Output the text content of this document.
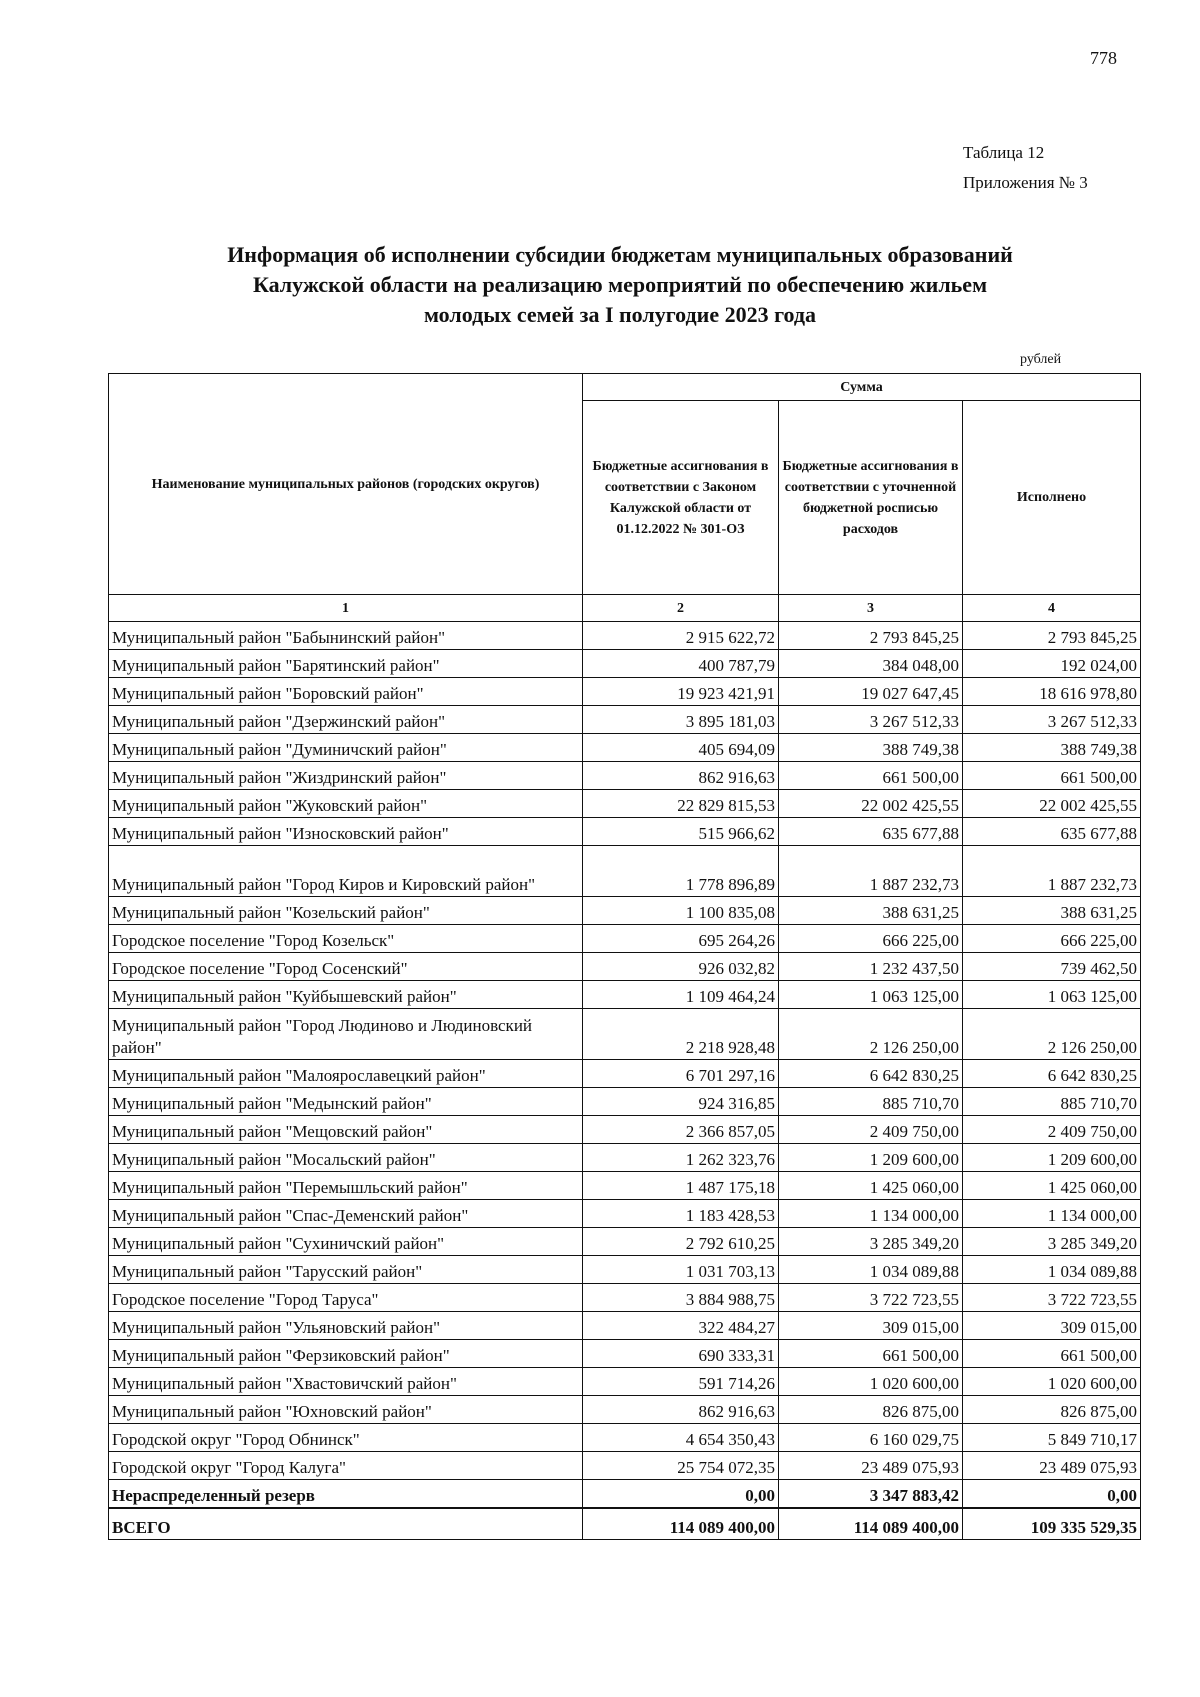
778
Таблица 12
Приложения № 3
Информация об исполнении субсидии бюджетам муниципальных образований
Калужской области на реализацию мероприятий по обеспечению жильем
молодых семей за I полугодие 2023 года
рублей
Наименование муниципальных районов (городских округов)	Сумма		
	Бюджетные ассигнования в соответствии с Законом Калужской области от 01.12.2022 № 301-ОЗ	Бюджетные ассигнования в соответствии с уточненной бюджетной росписью расходов	Исполнено
1	2	3	4
Муниципальный район "Бабынинский район"	2 915 622,72	2 793 845,25	2 793 845,25
Муниципальный район "Барятинский район"	400 787,79	384 048,00	192 024,00
Муниципальный район "Боровский район"	19 923 421,91	19 027 647,45	18 616 978,80
Муниципальный район "Дзержинский район"	3 895 181,03	3 267 512,33	3 267 512,33
Муниципальный район "Думиничский район"	405 694,09	388 749,38	388 749,38
Муниципальный район "Жиздринский район"	862 916,63	661 500,00	661 500,00
Муниципальный район "Жуковский район"	22 829 815,53	22 002 425,55	22 002 425,55
Муниципальный район "Износковский район"	515 966,62	635 677,88	635 677,88
Муниципальный район "Город Киров и Кировский район"	1 778 896,89	1 887 232,73	1 887 232,73
Муниципальный район "Козельский район"	1 100 835,08	388 631,25	388 631,25
Городское поселение "Город Козельск"	695 264,26	666 225,00	666 225,00
Городское поселение "Город Сосенский"	926 032,82	1 232 437,50	739 462,50
Муниципальный район "Куйбышевский район"	1 109 464,24	1 063 125,00	1 063 125,00
Муниципальный район "Город Людиново и Людиновский район"	2 218 928,48	2 126 250,00	2 126 250,00
Муниципальный район "Малоярославецкий район"	6 701 297,16	6 642 830,25	6 642 830,25
Муниципальный район "Медынский район"	924 316,85	885 710,70	885 710,70
Муниципальный район "Мещовский район"	2 366 857,05	2 409 750,00	2 409 750,00
Муниципальный район "Мосальский район"	1 262 323,76	1 209 600,00	1 209 600,00
Муниципальный район "Перемышльский район"	1 487 175,18	1 425 060,00	1 425 060,00
Муниципальный район "Спас-Деменский район"	1 183 428,53	1 134 000,00	1 134 000,00
Муниципальный район "Сухиничский район"	2 792 610,25	3 285 349,20	3 285 349,20
Муниципальный район "Тарусский район"	1 031 703,13	1 034 089,88	1 034 089,88
Городское поселение "Город Таруса"	3 884 988,75	3 722 723,55	3 722 723,55
Муниципальный район "Ульяновский район"	322 484,27	309 015,00	309 015,00
Муниципальный район "Ферзиковский район"	690 333,31	661 500,00	661 500,00
Муниципальный район "Хвастовичский район"	591 714,26	1 020 600,00	1 020 600,00
Муниципальный район "Юхновский район"	862 916,63	826 875,00	826 875,00
Городской округ "Город Обнинск"	4 654 350,43	6 160 029,75	5 849 710,17
Городской округ "Город Калуга"	25 754 072,35	23 489 075,93	23 489 075,93
Нераспределенный резерв	0,00	3 347 883,42	0,00
ВСЕГО	114 089 400,00	114 089 400,00	109 335 529,35
